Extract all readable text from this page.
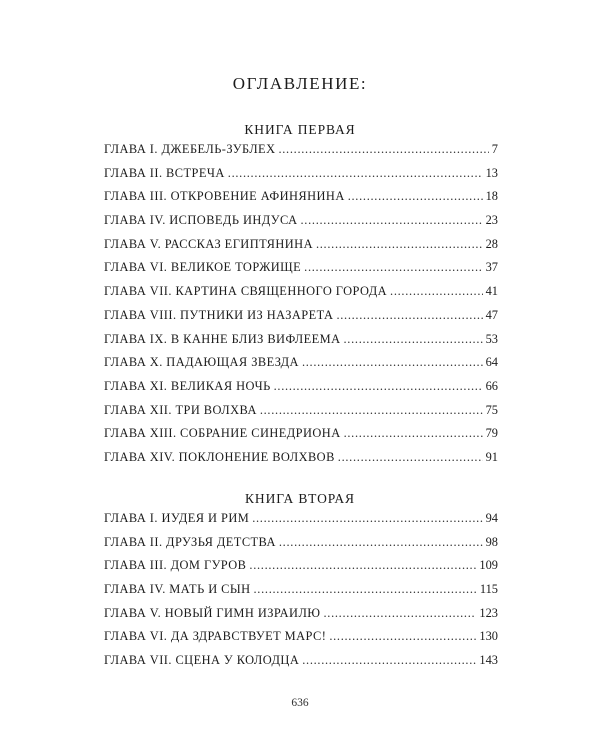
ОГЛАВЛЕНИЕ:
КНИГА ПЕРВАЯ
ГЛАВА I. ДЖЕБЕЛЬ-ЗУБЛЕХ . . .	7
ГЛАВА II. ВСТРЕЧА . . .	13
ГЛАВА III. ОТКРОВЕНИЕ АФИНЯНИНА . . .	18
ГЛАВА IV. ИСПОВЕДЬ ИНДУСА . . .	23
ГЛАВА V. РАССКАЗ ЕГИПТЯНИНА . . .	28
ГЛАВА VI. ВЕЛИКОЕ ТОРЖИЩЕ . . .	37
ГЛАВА VII. КАРТИНА СВЯЩЕННОГО ГОРОДА . . .	41
ГЛАВА VIII. ПУТНИКИ ИЗ НАЗАРЕТА . . .	47
ГЛАВА IX. В КАННЕ БЛИЗ ВИФЛЕЕМА . . .	53
ГЛАВА X. ПАДАЮЩАЯ ЗВЕЗДА . . .	64
ГЛАВА XI. ВЕЛИКАЯ НОЧЬ . . .	66
ГЛАВА XII. ТРИ ВОЛХВА . . .	75
ГЛАВА XIII. СОБРАНИЕ СИНЕДРИОНА . . .	79
ГЛАВА XIV. ПОКЛОНЕНИЕ ВОЛХВОВ . . .	91
КНИГА ВТОРАЯ
ГЛАВА I. ИУДЕЯ И РИМ . . .	94
ГЛАВА II. ДРУЗЬЯ ДЕТСТВА . . .	98
ГЛАВА III. ДОМ ГУРОВ . . .	109
ГЛАВА IV. МАТЬ И СЫН . . .	115
ГЛАВА V. НОВЫЙ ГИМН ИЗРАИЛЮ . . .	123
ГЛАВА VI. ДА ЗДРАВСТВУЕТ МАРС! . . .	130
ГЛАВА VII. СЦЕНА У КОЛОДЦА . . .	143
636
